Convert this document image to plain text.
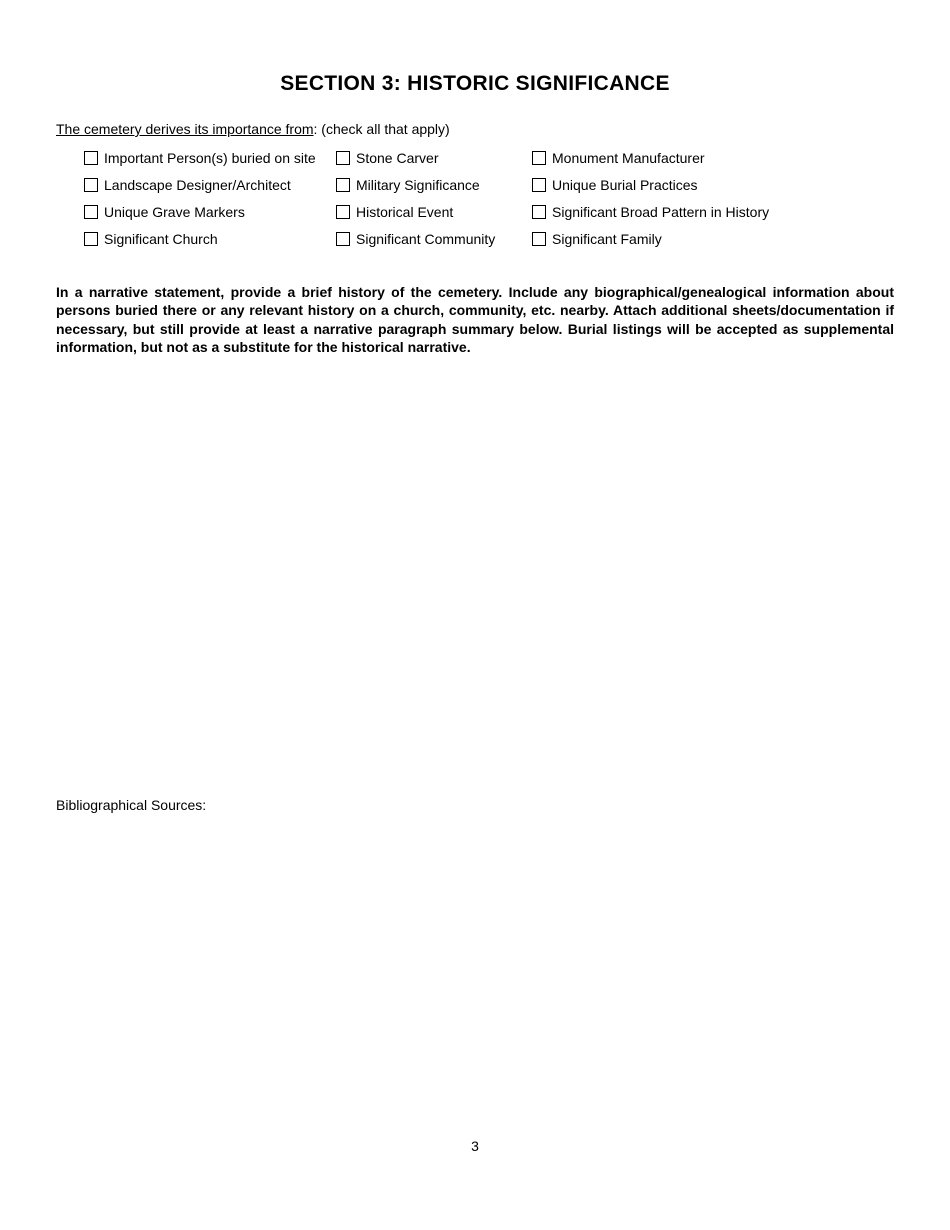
SECTION 3: HISTORIC SIGNIFICANCE
The cemetery derives its importance from: (check all that apply)
Important Person(s) buried on site	Stone Carver	Monument Manufacturer
Landscape Designer/Architect	Military Significance	Unique Burial Practices
Unique Grave Markers	Historical Event	Significant Broad Pattern in History
Significant Church	Significant Community	Significant Family

In a narrative statement, provide a brief history of the cemetery. Include any biographical/genealogical information about persons buried there or any relevant history on a church, community, etc. nearby. Attach additional sheets/documentation if necessary, but still provide at least a narrative paragraph summary below. Burial listings will be accepted as supplemental information, but not as a substitute for the historical narrative.

Bibliographical Sources:
3
